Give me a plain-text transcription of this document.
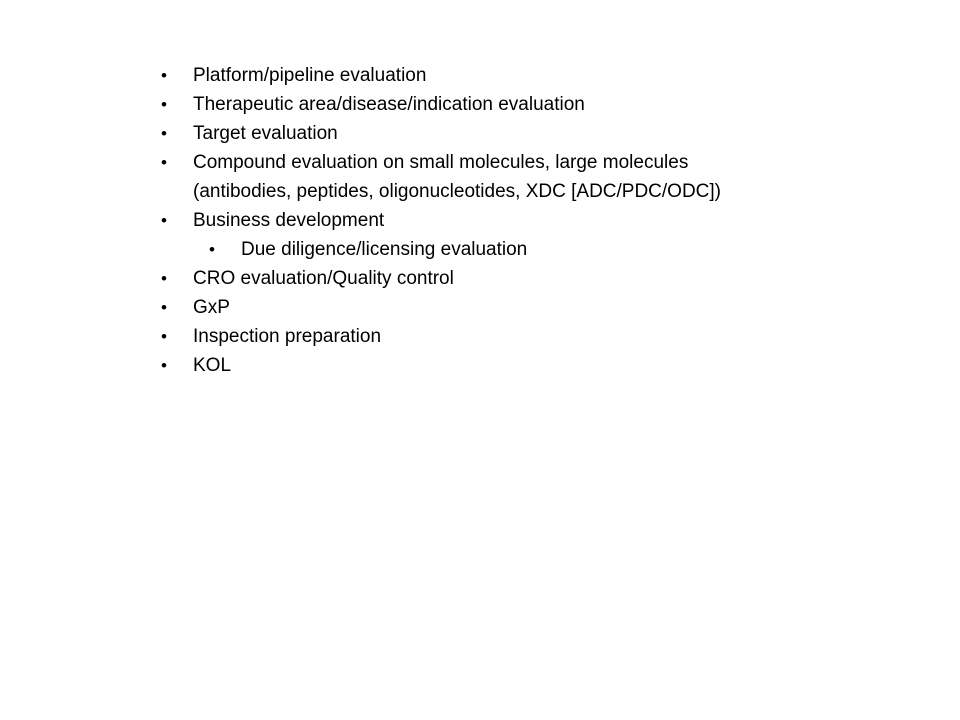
• Platform/pipeline evaluation
• Therapeutic area/disease/indication evaluation
• Target evaluation
• Compound evaluation on small molecules, large molecules
(antibodies, peptides, oligonucleotides, XDC [ADC/PDC/ODC])
• Business development
• Due diligence/licensing evaluation
• CRO evaluation/Quality control
• GxP
• Inspection preparation
• KOL
